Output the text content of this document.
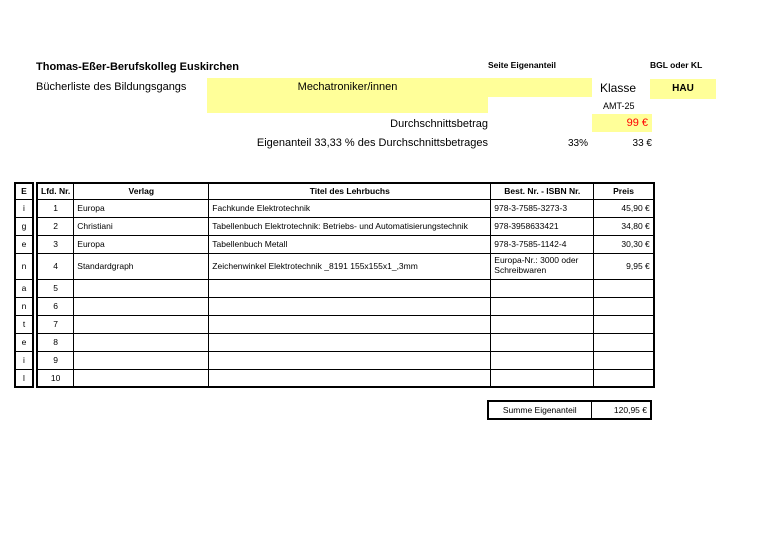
Thomas-Eßer-Berufskolleg Euskirchen	Seite Eigenanteil	BGL oder KL
Bücherliste des Bildungsgangs	Mechatroniker/innen	Klasse	HAU
AMT-25
Durchschnittsbetrag	99 €
Eigenanteil 33,33 % des Durchschnittsbetrages	33%	33 €
E
i
g
e
n
a
n
t
e
i
l
Lfd. Nr.	Verlag	Titel des Lehrbuchs	Best. Nr. - ISBN Nr.	Preis
1	Europa	Fachkunde Elektrotechnik	978-3-7585-3273-3	45,90 €
2	Christiani	Tabellenbuch Elektrotechnik: Betriebs- und Automatisierungstechnik	978-3958633421	34,80 €
3	Europa	Tabellenbuch Metall	978-3-7585-1142-4	30,30 €
4	Standardgraph	Zeichenwinkel Elektrotechnik _8191 155x155x1_,3mm	Europa-Nr.: 3000 oder Schreibwaren	9,95 €
5				
6				
7				
8				
9				
10				
Summe Eigenanteil	120,95 €
